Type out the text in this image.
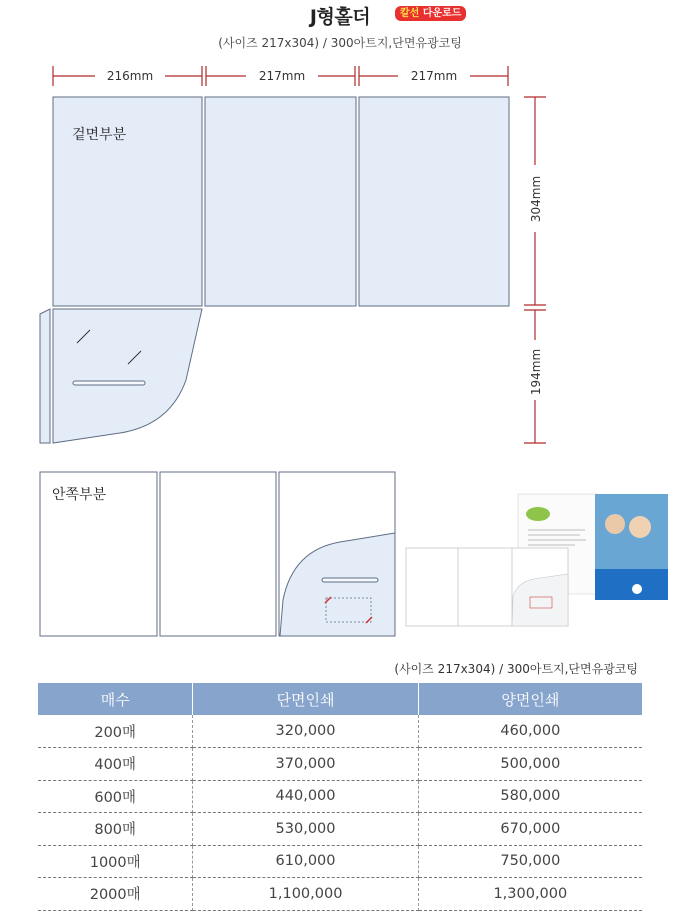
J형홀더	칼선 다운로드
(사이즈 217x304) / 300아트지,단면유광코팅
216mm	217mm	217mm
304mm
194mm
겉면부분
안쪽부분
(사이즈 217x304) / 300아트지,단면유광코팅
매수	단면인쇄	양면인쇄
200매	320,000	460,000
400매	370,000	500,000
600매	440,000	580,000
800매	530,000	670,000
1000매	610,000	750,000
2000매	1,100,000	1,300,000
